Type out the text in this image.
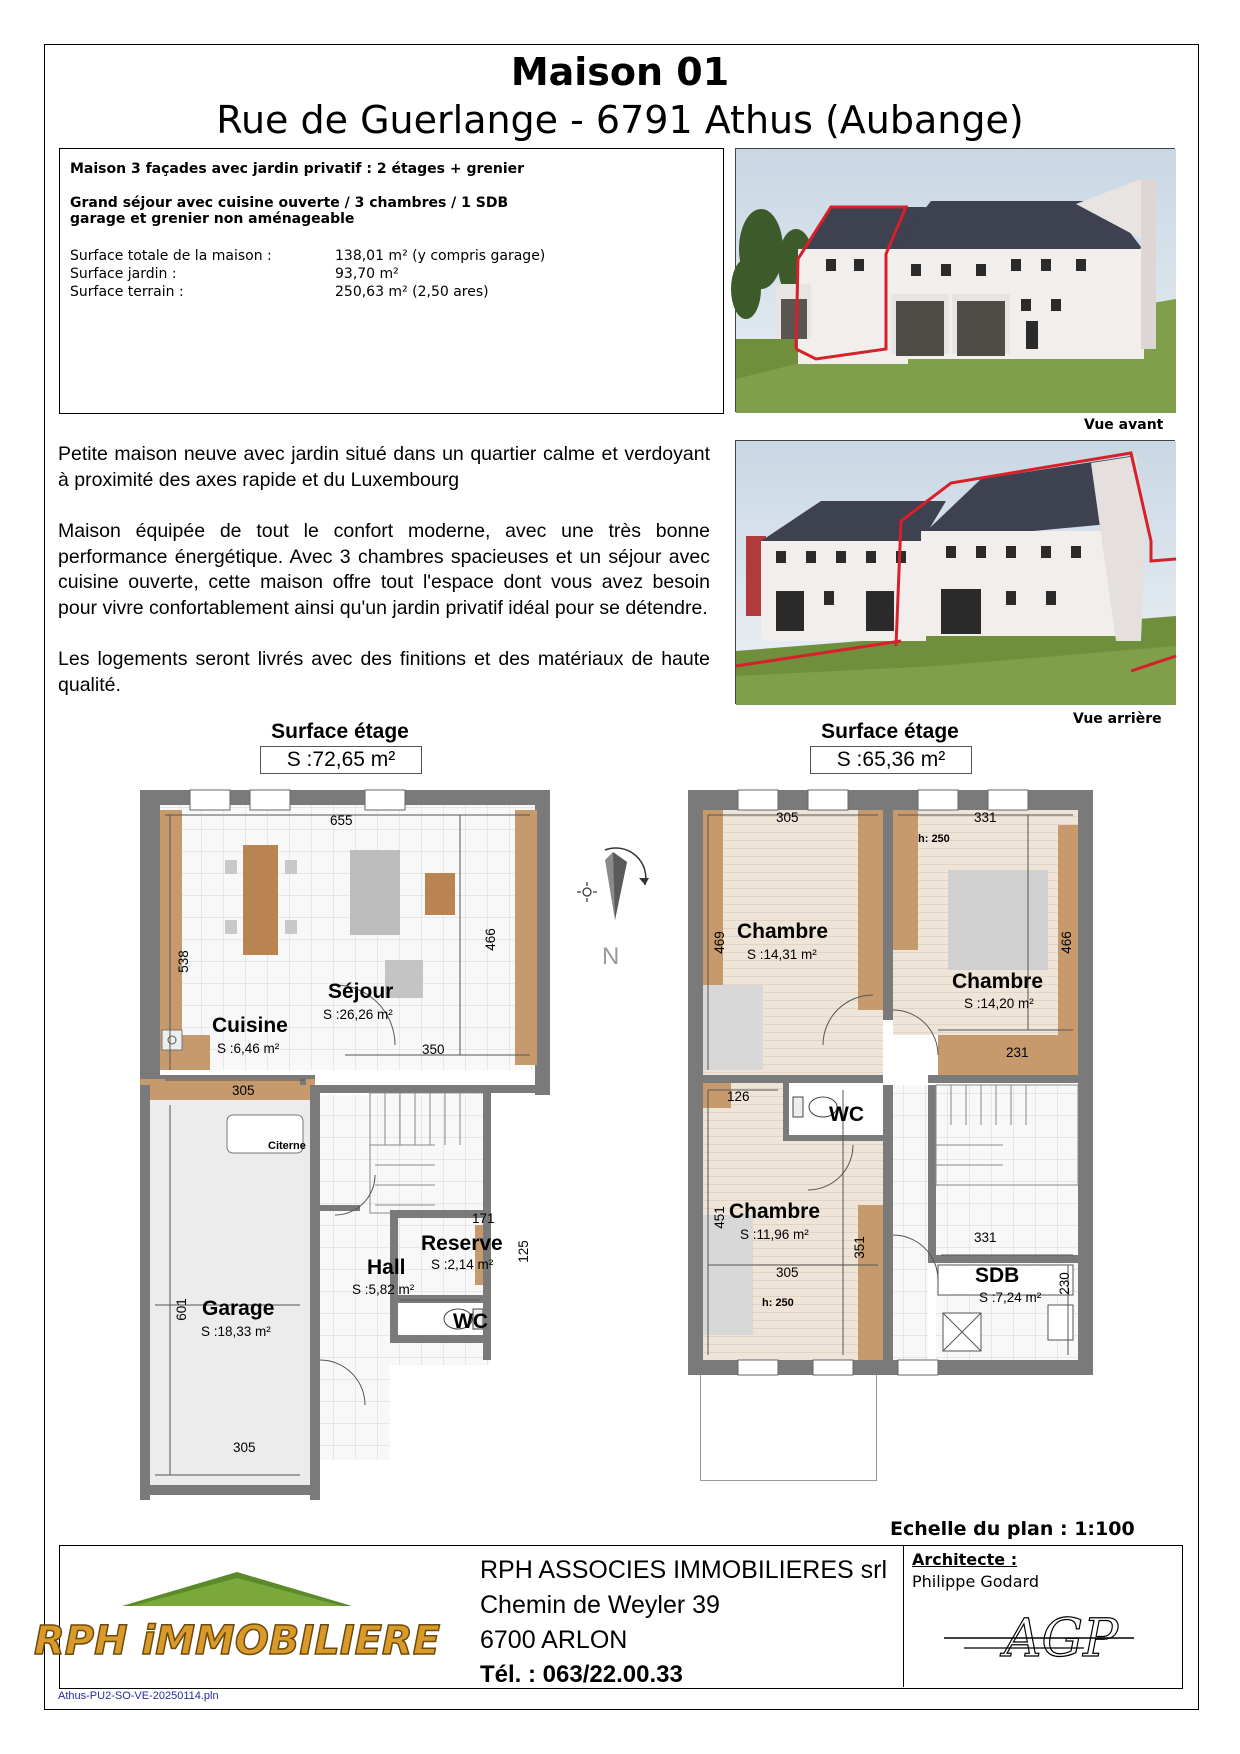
Maison 01
Rue de Guerlange - 6791 Athus (Aubange)
Maison 3 façades avec jardin privatif : 2 étages + grenier
Grand séjour avec cuisine ouverte / 3 chambres / 1 SDB
garage et grenier non aménageable
Surface totale de la maison :	138,01 m² (y compris garage)
Surface jardin :	93,70 m²
Surface terrain :	250,63 m² (2,50 ares)
Vue avant
Vue arrière

Petite maison neuve avec jardin situé dans un quartier calme et verdoyant à proximité des axes rapide et du Luxembourg

Maison équipée de tout le confort moderne, avec une très bonne performance énergétique. Avec 3 chambres spacieuses et un séjour avec cuisine ouverte, cette maison offre tout l'espace dont vous avez besoin pour vivre confortablement ainsi qu'un jardin privatif idéal pour se détendre.

Les logements seront livrés avec des finitions et des matériaux de haute qualité.

Surface étage
S :72,65 m²
Surface étage
S :65,36 m²
655
538
466
350
305
601
305
171
125
Séjour
S :26,26 m²
Cuisine
S :6,46 m²
Garage
S :18,33 m²
Hall
S :5,82 m²
Reserve
S :2,14 m²
WC
Citerne
N
305	331
h: 250
469	466
231
126
451
351
305
h: 250
331
230
Chambre
S :14,31 m²
Chambre
S :14,20 m²
Chambre
S :11,96 m²
WC
SDB
S :7,24 m²
Echelle du plan : 1:100
RPH iMMOBILIERE
RPH ASSOCIES IMMOBILIERES srl
Chemin de Weyler 39
6700 ARLON
Tél. : 063/22.00.33
Architecte :
Philippe Godard
AGP
Athus-PU2-SO-VE-20250114.pln
